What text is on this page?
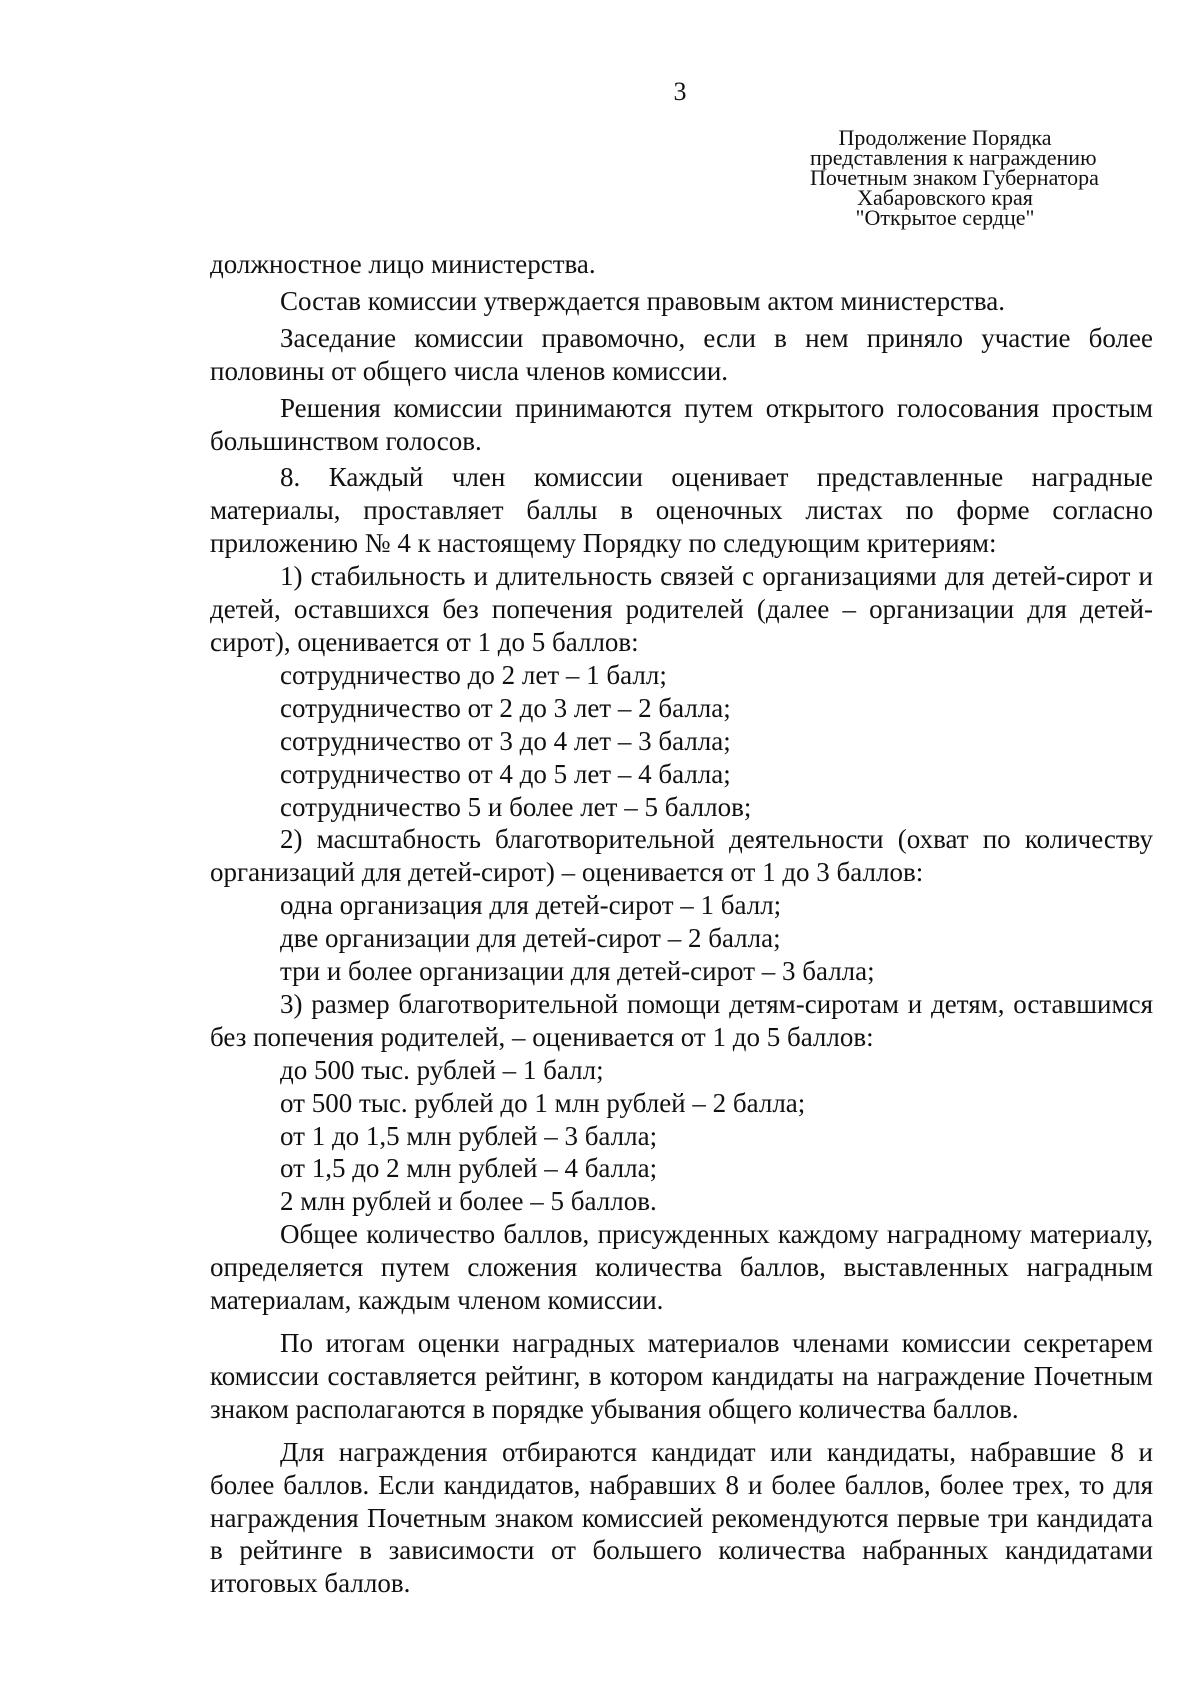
3
Продолжение Порядка
представления к награждению
Почетным знаком Губернатора
Хабаровского края
"Открытое сердце"

должностное лицо министерства.

Состав комиссии утверждается правовым актом министерства.

Заседание комиссии правомочно, если в нем приняло участие более половины от общего числа членов комиссии.

Решения комиссии принимаются путем открытого голосования простым большинством голосов.

8. Каждый член комиссии оценивает представленные наградные материалы, проставляет баллы в оценочных листах по форме согласно приложению № 4 к настоящему Порядку по следующим критериям:

1) стабильность и длительность связей с организациями для детей-сирот и детей, оставшихся без попечения родителей (далее – организации для детей-сирот), оценивается от 1 до 5 баллов:

сотрудничество до 2 лет – 1 балл;

сотрудничество от 2 до 3 лет – 2 балла;

сотрудничество от 3 до 4 лет – 3 балла;

сотрудничество от 4 до 5 лет – 4 балла;

сотрудничество 5 и более лет – 5 баллов;

2) масштабность благотворительной деятельности (охват по количеству организаций для детей-сирот) – оценивается от 1 до 3 баллов:

одна организация для детей-сирот – 1 балл;

две организации для детей-сирот – 2 балла;

три и более организации для детей-сирот – 3 балла;

3) размер благотворительной помощи детям-сиротам и детям, оставшимся без попечения родителей, – оценивается от 1 до 5 баллов:

до 500 тыс. рублей – 1 балл;

от 500 тыс. рублей до 1 млн рублей – 2 балла;

от 1 до 1,5 млн рублей – 3 балла;

от 1,5 до 2 млн рублей – 4 балла;

2 млн рублей и более – 5 баллов.

Общее количество баллов, присужденных каждому наградному материалу, определяется путем сложения количества баллов, выставленных наградным материалам, каждым членом комиссии.

По итогам оценки наградных материалов членами комиссии секретарем комиссии составляется рейтинг, в котором кандидаты на награждение Почетным знаком располагаются в порядке убывания общего количества баллов.

Для награждения отбираются кандидат или кандидаты, набравшие 8 и более баллов. Если кандидатов, набравших 8 и более баллов, более трех, то для награждения Почетным знаком комиссией рекомендуются первые три кандидата в рейтинге в зависимости от большего количества набранных кандидатами итоговых баллов.
